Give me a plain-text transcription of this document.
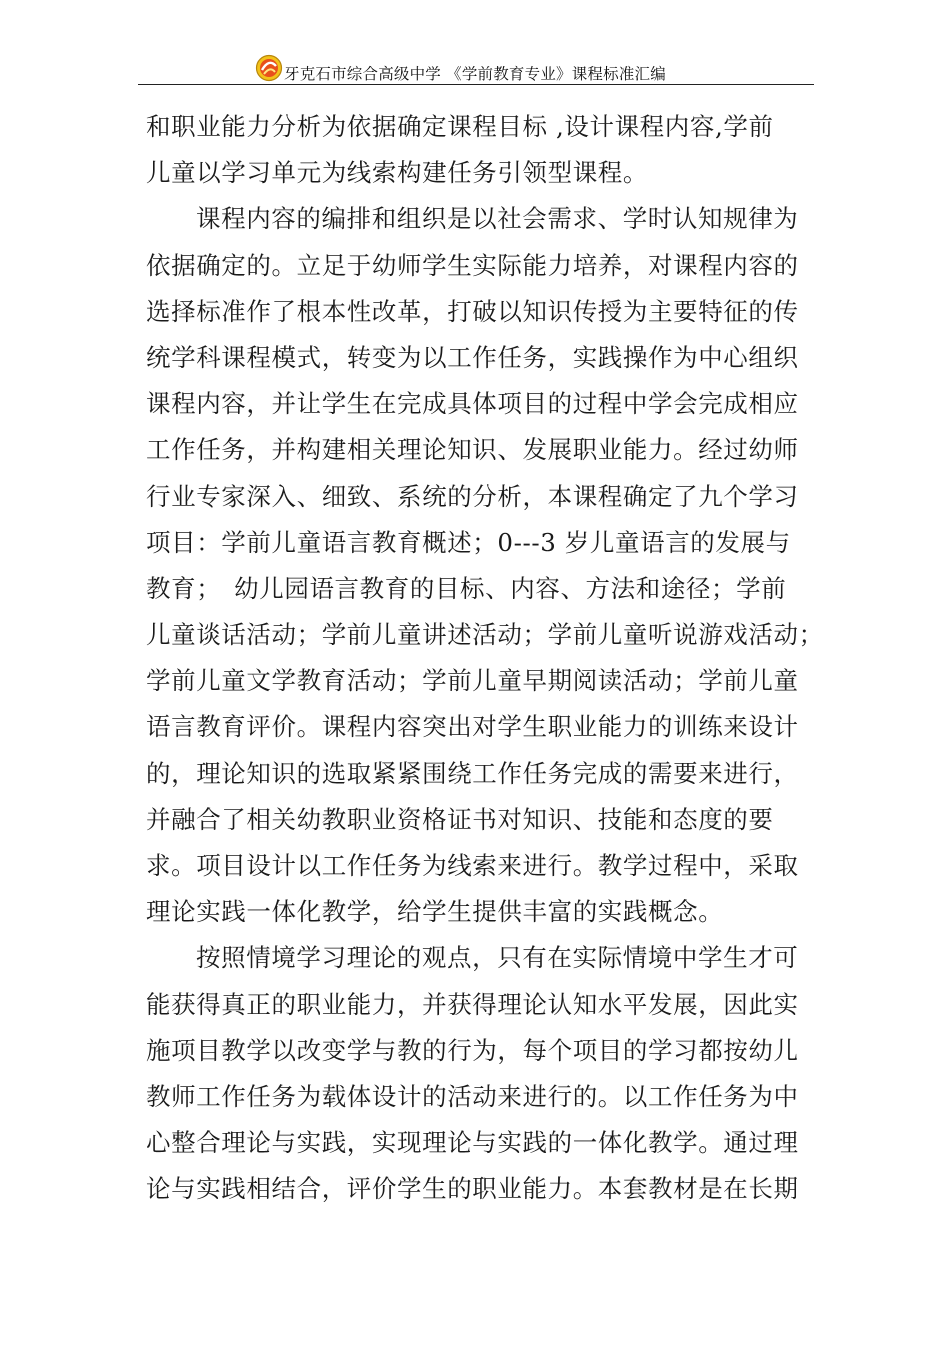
牙克石市综合高级中学 《学前教育专业》课程标准汇编
和职业能力分析为依据确定课程目标 ,设计课程内容,学前
儿童以学习单元为线索构建任务引领型课程。
课程内容的编排和组织是以社会需求、学时认知规律为
依据确定的。立足于幼师学生实际能力培养，对课程内容的
选择标准作了根本性改革，打破以知识传授为主要特征的传
统学科课程模式，转变为以工作任务，实践操作为中心组织
课程内容，并让学生在完成具体项目的过程中学会完成相应
工作任务，并构建相关理论知识、发展职业能力。经过幼师
行业专家深入、细致、系统的分析，本课程确定了九个学习
项目：学前儿童语言教育概述；0---3 岁儿童语言的发展与
教育；　幼儿园语言教育的目标、内容、方法和途径；学前
儿童谈话活动；学前儿童讲述活动；学前儿童听说游戏活动；
学前儿童文学教育活动；学前儿童早期阅读活动；学前儿童
语言教育评价。课程内容突出对学生职业能力的训练来设计
的，理论知识的选取紧紧围绕工作任务完成的需要来进行，
并融合了相关幼教职业资格证书对知识、技能和态度的要
求。项目设计以工作任务为线索来进行。教学过程中，采取
理论实践一体化教学，给学生提供丰富的实践概念。
按照情境学习理论的观点，只有在实际情境中学生才可
能获得真正的职业能力，并获得理论认知水平发展，因此实
施项目教学以改变学与教的行为，每个项目的学习都按幼儿
教师工作任务为载体设计的活动来进行的。以工作任务为中
心整合理论与实践，实现理论与实践的一体化教学。通过理
论与实践相结合，评价学生的职业能力。本套教材是在长期
